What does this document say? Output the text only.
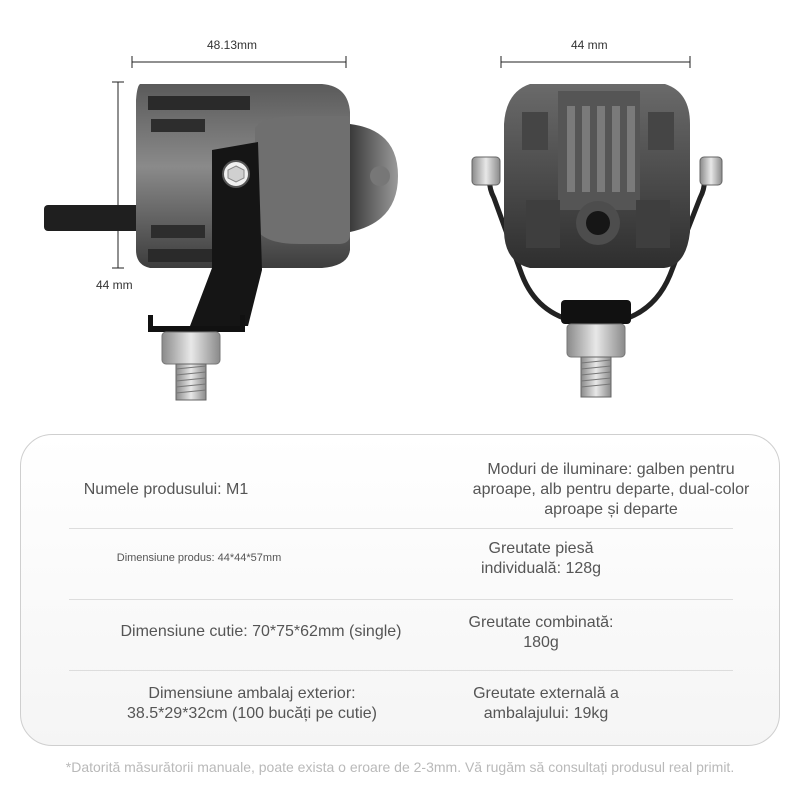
48.13mm	44 mm
44 mm
Numele produsului: M1
Moduri de iluminare: galben pentru aproape, alb pentru departe, dual-color aproape și departe
Dimensiune produs: 44*44*57mm
Greutate piesă individuală: 128g
Dimensiune cutie: 70*75*62mm (single)
Greutate combinată: 180g
Dimensiune ambalaj exterior: 38.5*29*32cm (100 bucăți pe cutie)
Greutate externală a ambalajului: 19kg
*Datorită măsurătorii manuale, poate exista o eroare de 2-3mm. Vă rugăm să consultați produsul real primit.
